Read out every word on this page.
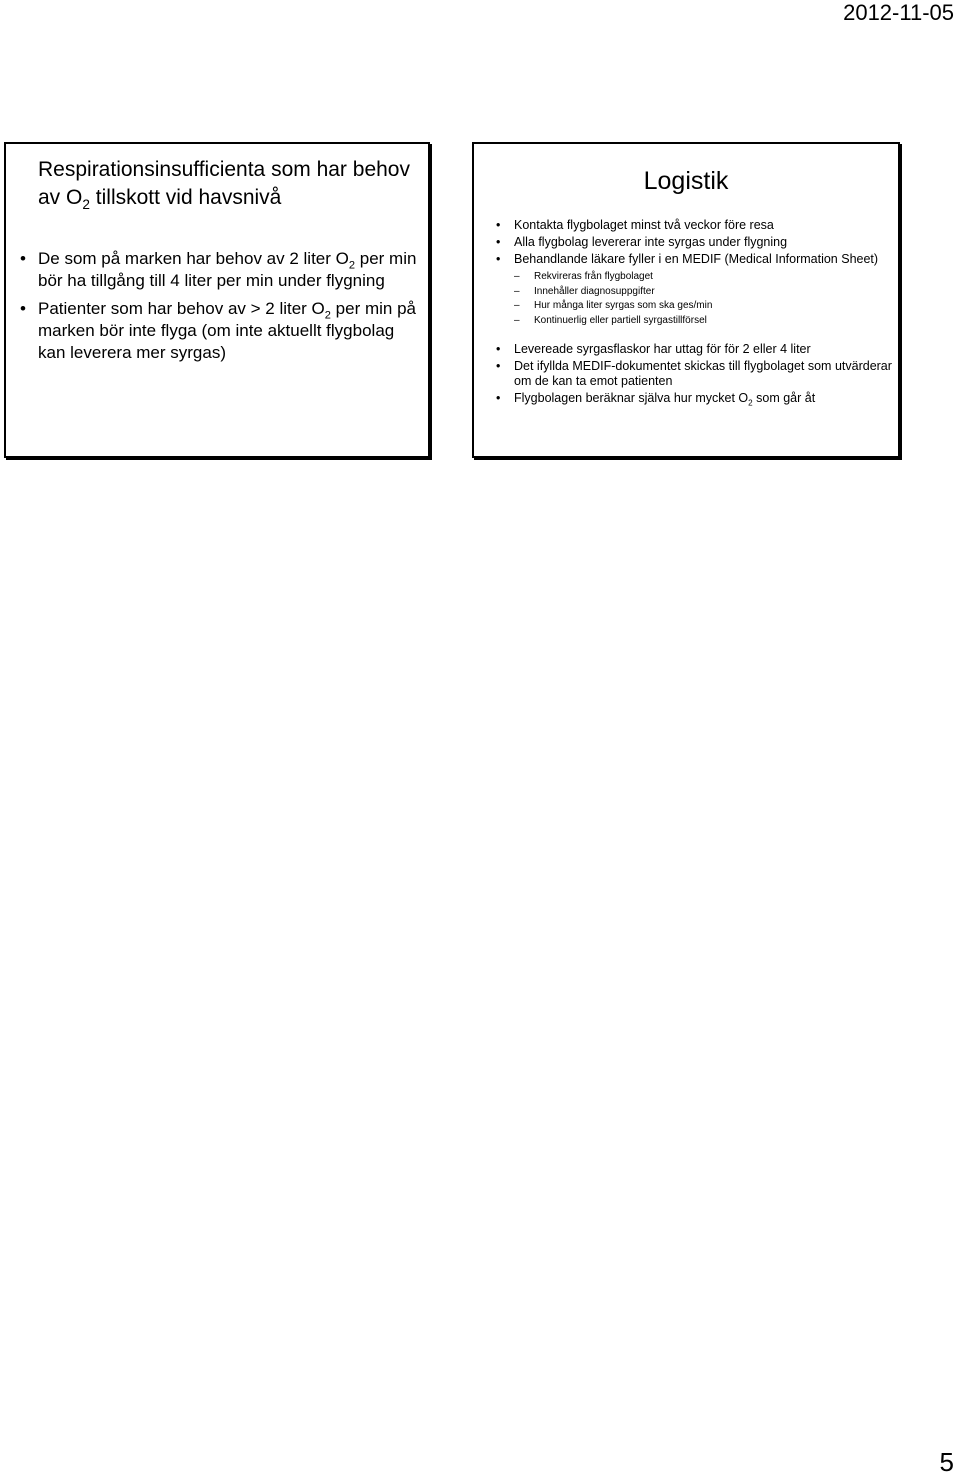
2012-11-05
Respirationsinsufficienta som har behov av $O_2$ tillskott vid havsnivå
• De som på marken har behov av 2 liter $O_2$ per min bör ha tillgång till 4 liter per min under flygning
• Patienter som har behov av > 2 liter $O_2$ per min på marken bör inte flyga (om inte aktuellt flygbolag kan leverera mer syrgas)
Logistik
• Kontakta flygbolaget minst två veckor före resa
• Alla flygbolag levererar inte syrgas under flygning
• Behandlande läkare fyller i en MEDIF (Medical Information Sheet)
– Rekvireras från flygbolaget
– Innehåller diagnosuppgifter
– Hur många liter syrgas som ska ges/min
– Kontinuerlig eller partiell syrgastillförsel
• Levereade syrgasflaskor har uttag för för 2 eller 4 liter
• Det ifyllda MEDIF-dokumentet skickas till flygbolaget som utvärderar om de kan ta emot patienten
• Flygbolagen beräknar själva hur mycket $O_2$ som går åt
5
